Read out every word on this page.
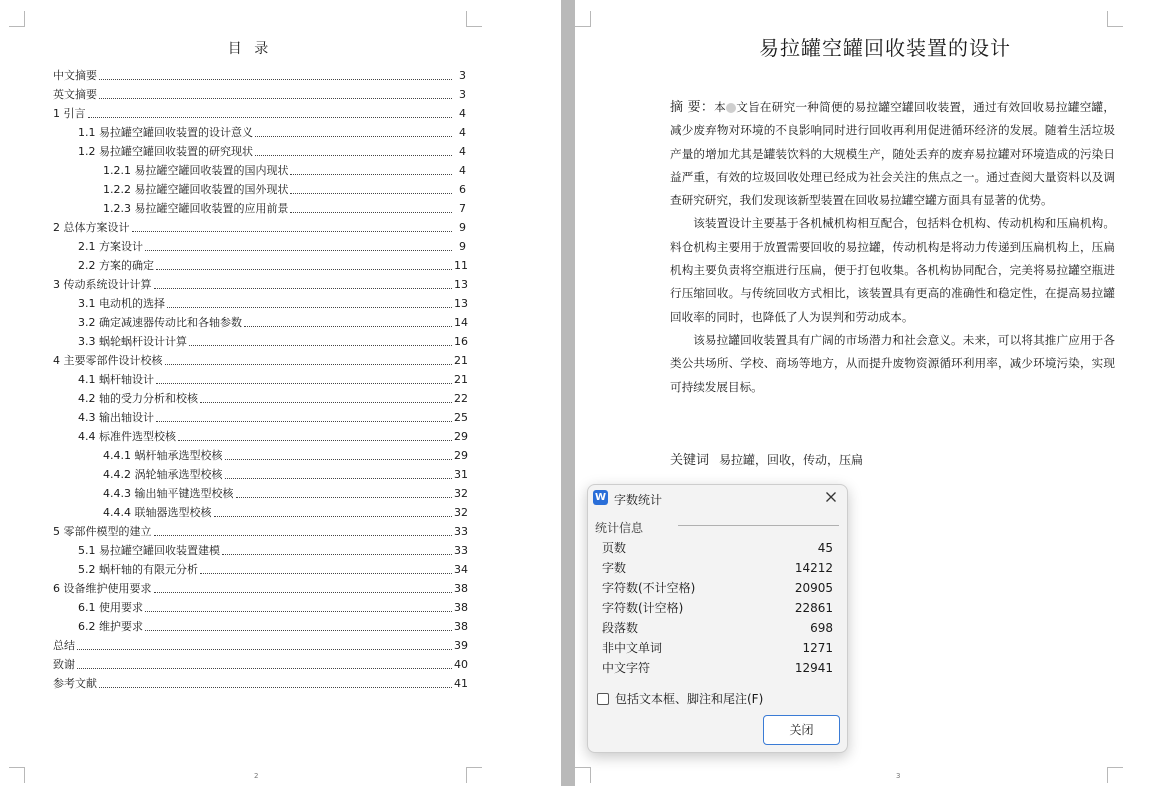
目 录
中文摘要	3
英文摘要	3
1 引言	4
1.1 易拉罐空罐回收装置的设计意义	4
1.2 易拉罐空罐回收装置的研究现状	4
1.2.1 易拉罐空罐回收装置的国内现状	4
1.2.2 易拉罐空罐回收装置的国外现状	6
1.2.3 易拉罐空罐回收装置的应用前景	7
2 总体方案设计	9
2.1 方案设计	9
2.2 方案的确定	11
3 传动系统设计计算	13
3.1 电动机的选择	13
3.2 确定减速器传动比和各轴参数	14
3.3 蜗轮蜗杆设计计算	16
4 主要零部件设计校核	21
4.1 蜗杆轴设计	21
4.2 轴的受力分析和校核	22
4.3 输出轴设计	25
4.4 标准件选型校核	29
4.4.1 蜗杆轴承选型校核	29
4.4.2 涡轮轴承选型校核	31
4.4.3 输出轴平键选型校核	32
4.4.4 联轴器选型校核	32
5 零部件模型的建立	33
5.1 易拉罐空罐回收装置建模	33
5.2 蜗杆轴的有限元分析	34
6 设备维护使用要求	38
6.1 使用要求	38
6.2 维护要求	38
总结	39
致谢	40
参考文献	41
2
易拉罐空罐回收装置的设计

摘 要：本 文旨在研究一种简便的易拉罐空罐回收装置，通过有效回收易拉罐空罐，减少废弃物对环境的不良影响同时进行回收再利用促进循环经济的发展。随着生活垃圾产量的增加尤其是罐装饮料的大规模生产，随处丢弃的废弃易拉罐对环境造成的污染日益严重，有效的垃圾回收处理已经成为社会关注的焦点之一。通过查阅大量资料以及调查研究研究，我们发现该新型装置在回收易拉罐空罐方面具有显著的优势。

该装置设计主要基于各机械机构相互配合，包括料仓机构、传动机构和压扁机构。料仓机构主要用于放置需要回收的易拉罐，传动机构是将动力传递到压扁机构上，压扁机构主要负责将空瓶进行压扁，便于打包收集。各机构协同配合，完美将易拉罐空瓶进行压缩回收。与传统回收方式相比，该装置具有更高的准确性和稳定性，在提高易拉罐回收率的同时，也降低了人为误判和劳动成本。

该易拉罐回收装置具有广阔的市场潜力和社会意义。未来，可以将其推广应用于各类公共场所、学校、商场等地方，从而提升废物资源循环利用率，减少环境污染，实现可持续发展目标。

关键词 易拉罐，回收，传动，压扁
3
W 字数统计
统计信息
页数	45
字数	14212
字符数(不计空格)	20905
字符数(计空格)	22861
段落数	698
非中文单词	1271
中文字符	12941
包括文本框、脚注和尾注(F)
关闭
